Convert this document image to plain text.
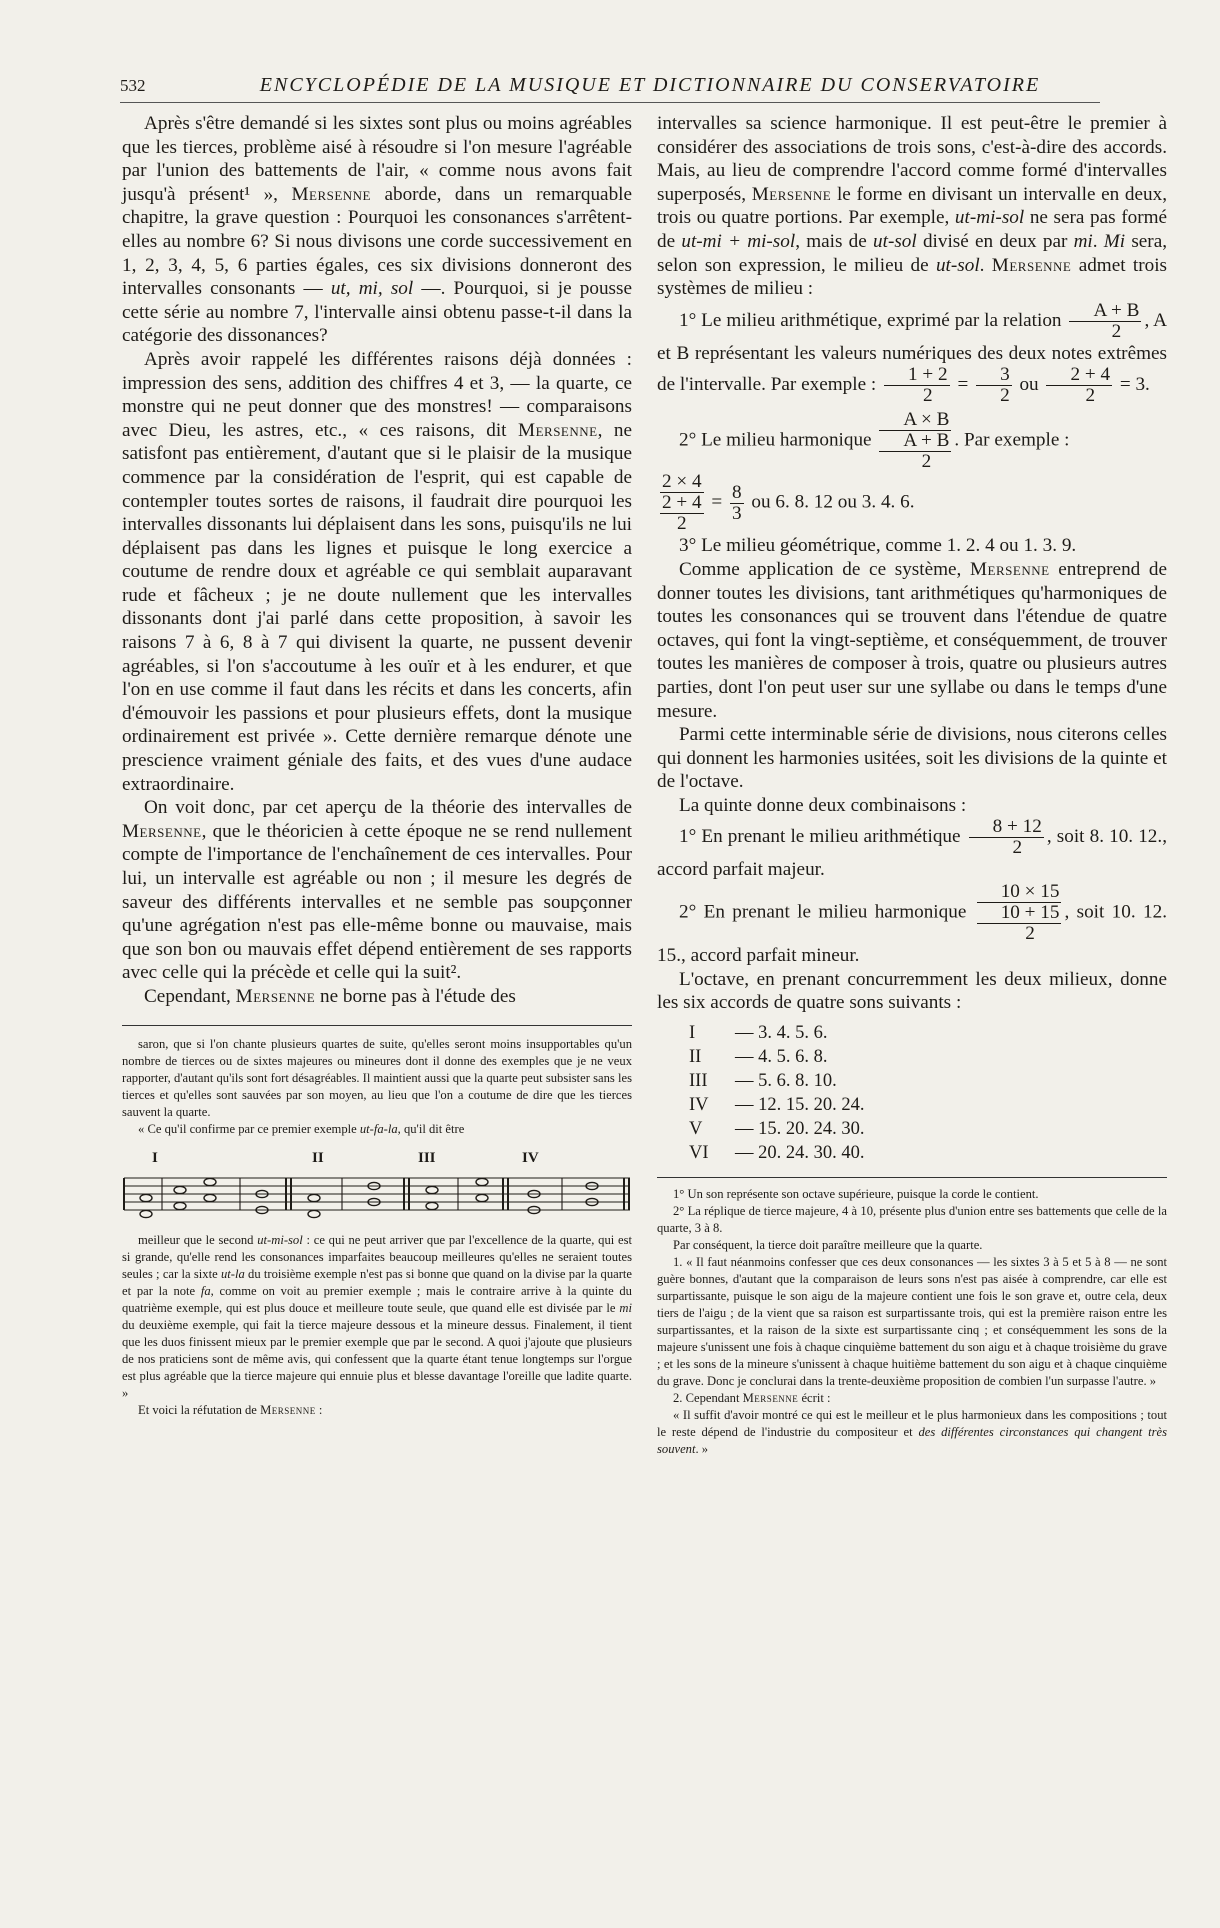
532	ENCYCLOPÉDIE DE LA MUSIQUE ET DICTIONNAIRE DU CONSERVATOIRE

Après s'être demandé si les sixtes sont plus ou moins agréables que les tierces, problème aisé à résoudre si l'on mesure l'agréable par l'union des battements de l'air, « comme nous avons fait jusqu'à présent¹ », Mersenne aborde, dans un remarquable chapitre, la grave question : Pourquoi les consonances s'arrêtent-elles au nombre 6? Si nous divisons une corde successivement en 1, 2, 3, 4, 5, 6 parties égales, ces six divisions donneront des intervalles consonants — ut, mi, sol —. Pourquoi, si je pousse cette série au nombre 7, l'intervalle ainsi obtenu passe-t-il dans la catégorie des dissonances?

Après avoir rappelé les différentes raisons déjà données : impression des sens, addition des chiffres 4 et 3, — la quarte, ce monstre qui ne peut donner que des monstres! — comparaisons avec Dieu, les astres, etc., « ces raisons, dit Mersenne, ne satisfont pas entièrement, d'autant que si le plaisir de la musique commence par la considération de l'esprit, qui est capable de contempler toutes sortes de raisons, il faudrait dire pourquoi les intervalles dissonants lui déplaisent dans les sons, puisqu'ils ne lui déplaisent pas dans les lignes et puisque le long exercice a coutume de rendre doux et agréable ce qui semblait auparavant rude et fâcheux ; je ne doute nullement que les intervalles dissonants dont j'ai parlé dans cette proposition, à savoir les raisons 7 à 6, 8 à 7 qui divisent la quarte, ne pussent devenir agréables, si l'on s'accoutume à les ouïr et à les endurer, et que l'on en use comme il faut dans les récits et dans les concerts, afin d'émouvoir les passions et pour plusieurs effets, dont la musique ordinairement est privée ». Cette dernière remarque dénote une prescience vraiment géniale des faits, et des vues d'une audace extraordinaire.

On voit donc, par cet aperçu de la théorie des intervalles de Mersenne, que le théoricien à cette époque ne se rend nullement compte de l'importance de l'enchaînement de ces intervalles. Pour lui, un intervalle est agréable ou non ; il mesure les degrés de saveur des différents intervalles et ne semble pas soupçonner qu'une agrégation n'est pas elle-même bonne ou mauvaise, mais que son bon ou mauvais effet dépend entièrement de ses rapports avec celle qui la précède et celle qui la suit².

Cependant, Mersenne ne borne pas à l'étude des

saron, que si l'on chante plusieurs quartes de suite, qu'elles seront moins insupportables qu'un nombre de tierces ou de sixtes majeures ou mineures dont il donne des exemples que je ne veux rapporter, d'autant qu'ils sont fort désagréables. Il maintient aussi que la quarte peut subsister sans les tierces et qu'elles sont sauvées par son moyen, au lieu que l'on a coutume de dire que les tierces sauvent la quarte.

« Ce qu'il confirme par ce premier exemple ut-fa-la, qu'il dit être

I	II	III	IV

meilleur que le second ut-mi-sol : ce qui ne peut arriver que par l'excellence de la quarte, qui est si grande, qu'elle rend les consonances imparfaites beaucoup meilleures qu'elles ne seraient toutes seules ; car la sixte ut-la du troisième exemple n'est pas si bonne que quand on la divise par la quarte et par la note fa, comme on voit au premier exemple ; mais le contraire arrive à la quinte du quatrième exemple, qui est plus douce et meilleure toute seule, que quand elle est divisée par le mi du deuxième exemple, qui fait la tierce majeure dessous et la mineure dessus. Finalement, il tient que les duos finissent mieux par le premier exemple que par le second. A quoi j'ajoute que plusieurs de nos praticiens sont de même avis, qui confessent que la quarte étant tenue longtemps sur l'orgue est plus agréable que la tierce majeure qui ennuie plus et blesse davantage l'oreille que ladite quarte. »

Et voici la réfutation de Mersenne :

intervalles sa science harmonique. Il est peut-être le premier à considérer des associations de trois sons, c'est-à-dire des accords. Mais, au lieu de comprendre l'accord comme formé d'intervalles superposés, Mersenne le forme en divisant un intervalle en deux, trois ou quatre portions. Par exemple, ut-mi-sol ne sera pas formé de ut-mi + mi-sol, mais de ut-sol divisé en deux par mi. Mi sera, selon son expression, le milieu de ut-sol. Mersenne admet trois systèmes de milieu :

1° Le milieu arithmétique, exprimé par la relation $\frac{A + B}{2}$ , A et B représentant les valeurs numériques des deux notes extrêmes de l'intervalle. Par exemple : $\frac{1 + 2}{2} = \frac{3}{2}$ ou $\frac{2 + 4}{2} = 3$.

2° Le milieu harmonique
A × B
A + B
2
. Par exemple :

2 × 4
2 + 4
2
= $\frac{8}{3}$ ou 6. 8. 12 ou 3. 4. 6.

3° Le milieu géométrique, comme 1. 2. 4 ou 1. 3. 9.

Comme application de ce système, Mersenne entreprend de donner toutes les divisions, tant arithmétiques qu'harmoniques de toutes les consonances qui se trouvent dans l'étendue de quatre octaves, qui font la vingt-septième, et conséquemment, de trouver toutes les manières de composer à trois, quatre ou plusieurs autres parties, dont l'on peut user sur une syllabe ou dans le temps d'une mesure.

Parmi cette interminable série de divisions, nous citerons celles qui donnent les harmonies usitées, soit les divisions de la quinte et de l'octave.

La quinte donne deux combinaisons :

1° En prenant le milieu arithmétique $\frac{8 + 12}{2}$ , soit 8. 10. 12., accord parfait majeur.

2° En prenant le milieu harmonique
10 × 15
10 + 15
2
, soit 10. 12. 15., accord parfait mineur.

L'octave, en prenant concurremment les deux milieux, donne les six accords de quatre sons suivants :

I	— 3. 4. 5. 6.
II	— 4. 5. 6. 8.
III	— 5. 6. 8. 10.
IV	— 12. 15. 20. 24.
V	— 15. 20. 24. 30.
VI	— 20. 24. 30. 40.

1° Un son représente son octave supérieure, puisque la corde le contient.

2° La réplique de tierce majeure, 4 à 10, présente plus d'union entre ses battements que celle de la quarte, 3 à 8.

Par conséquent, la tierce doit paraître meilleure que la quarte.

1. « Il faut néanmoins confesser que ces deux consonances — les sixtes 3 à 5 et 5 à 8 — ne sont guère bonnes, d'autant que la comparaison de leurs sons n'est pas aisée à comprendre, car elle est surpartissante, puisque le son aigu de la majeure contient une fois le son grave et, outre cela, deux tiers de l'aigu ; de la vient que sa raison est surpartissante trois, qui est la première raison entre les surpartissantes, et la raison de la sixte est surpartissante cinq ; et conséquemment les sons de la majeure s'unissent une fois à chaque cinquième battement du son aigu et à chaque troisième du grave ; et les sons de la mineure s'unissent à chaque huitième battement du son aigu et à chaque cinquième du grave. Donc je conclurai dans la trente-deuxième proposition de combien l'un surpasse l'autre. »

2. Cependant Mersenne écrit :

« Il suffit d'avoir montré ce qui est le meilleur et le plus harmonieux dans les compositions ; tout le reste dépend de l'industrie du compositeur et des différentes circonstances qui changent très souvent. »
